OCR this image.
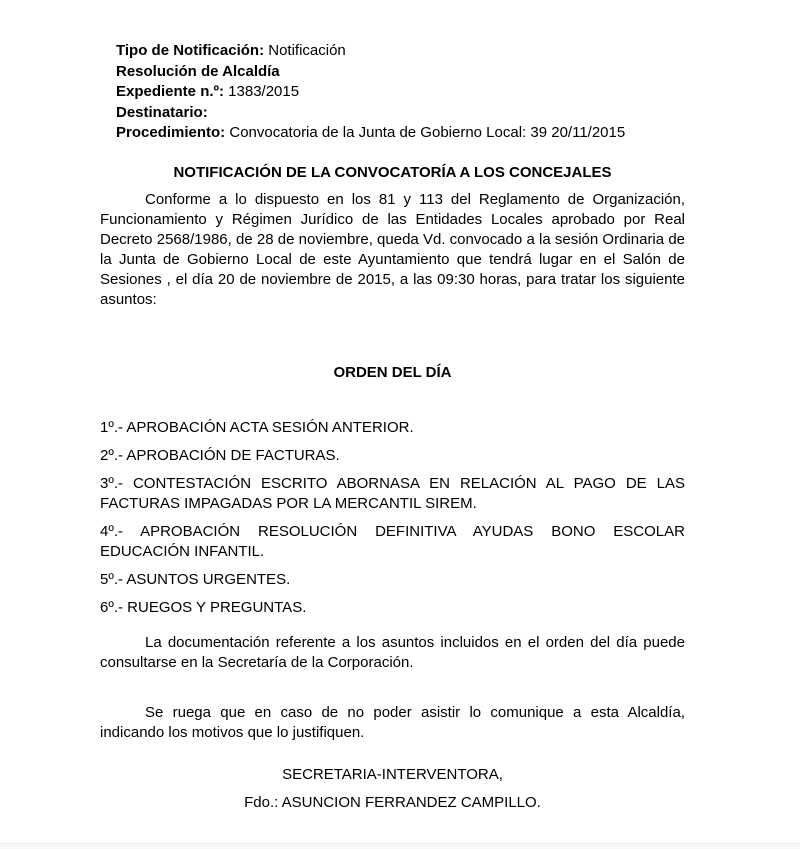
Tipo de Notificación: Notificación

Resolución de Alcaldía

Expediente n.º: 1383/2015

Destinatario:

Procedimiento: Convocatoria de la Junta de Gobierno Local: 39 20/11/2015

NOTIFICACIÓN DE LA CONVOCATORÍA A LOS CONCEJALES

Conforme a lo dispuesto en los 81 y 113 del Reglamento de Organización, Funcionamiento y Régimen Jurídico de las Entidades Locales aprobado por Real Decreto 2568/1986, de 28 de noviembre, queda Vd. convocado a la sesión Ordinaria de la Junta de Gobierno Local de este Ayuntamiento que tendrá lugar en el Salón de Sesiones , el día 20 de noviembre de 2015, a las 09:30 horas, para tratar los siguiente asuntos:

ORDEN DEL DÍA

1º.- APROBACIÓN ACTA SESIÓN ANTERIOR.

2º.- APROBACIÓN DE FACTURAS.

3º.- CONTESTACIÓN ESCRITO ABORNASA EN RELACIÓN AL PAGO DE LAS FACTURAS IMPAGADAS POR LA MERCANTIL SIREM.

4º.- APROBACIÓN RESOLUCIÓN DEFINITIVA AYUDAS BONO ESCOLAR EDUCACIÓN INFANTIL.

5º.- ASUNTOS URGENTES.

6º.- RUEGOS Y PREGUNTAS.

La documentación referente a los asuntos incluidos en el orden del día puede consultarse en la Secretaría de la Corporación.

Se ruega que en caso de no poder asistir lo comunique a esta Alcaldía, indicando los motivos que lo justifiquen.

SECRETARIA-INTERVENTORA,

Fdo.: ASUNCION FERRANDEZ CAMPILLO.
